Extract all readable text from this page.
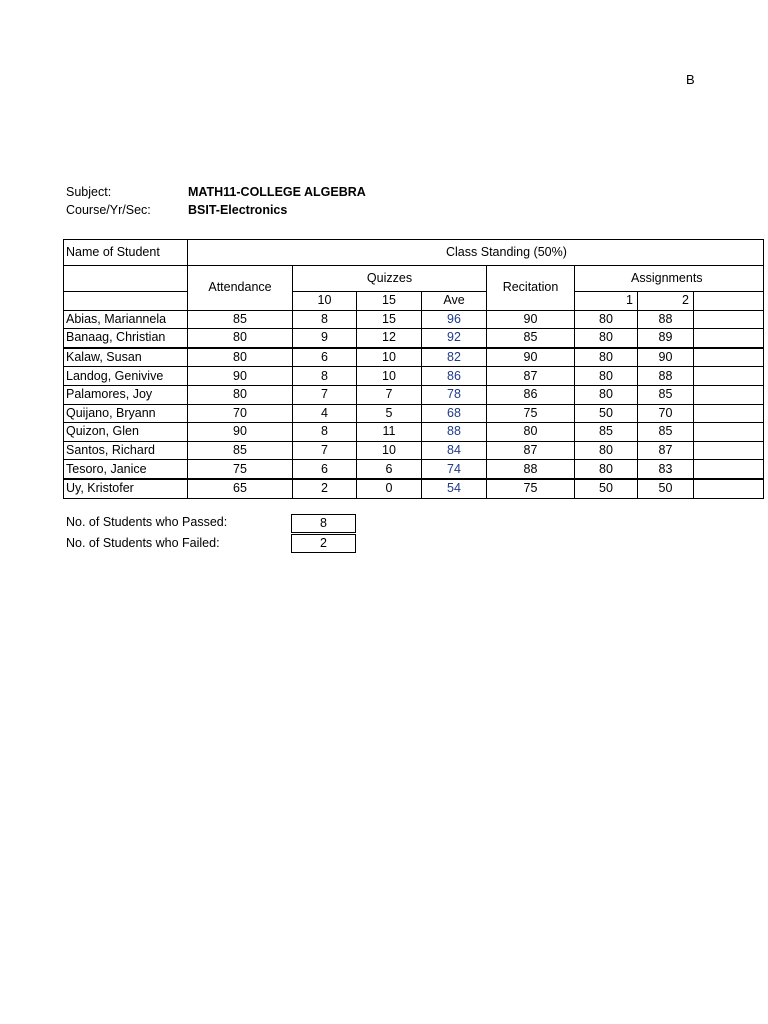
B
Subject:	MATH11-COLLEGE ALGEBRA
Course/Yr/Sec:	BSIT-Electronics
Name of Student	Class Standing (50%)							
	Attendance	Quizzes			Recitation	Assignments		
		10	15	Ave		1	2	
Abias, Mariannela	85	8	15	96	90	80	88	
Banaag, Christian	80	9	12	92	85	80	89	
Kalaw, Susan	80	6	10	82	90	80	90	
Landog, Genivive	90	8	10	86	87	80	88	
Palamores, Joy	80	7	7	78	86	80	85	
Quijano, Bryann	70	4	5	68	75	50	70	
Quizon, Glen	90	8	11	88	80	85	85	
Santos, Richard	85	7	10	84	87	80	87	
Tesoro, Janice	75	6	6	74	88	80	83	
Uy, Kristofer	65	2	0	54	75	50	50	
No. of Students who Passed:	8
No. of Students who Failed:	2
